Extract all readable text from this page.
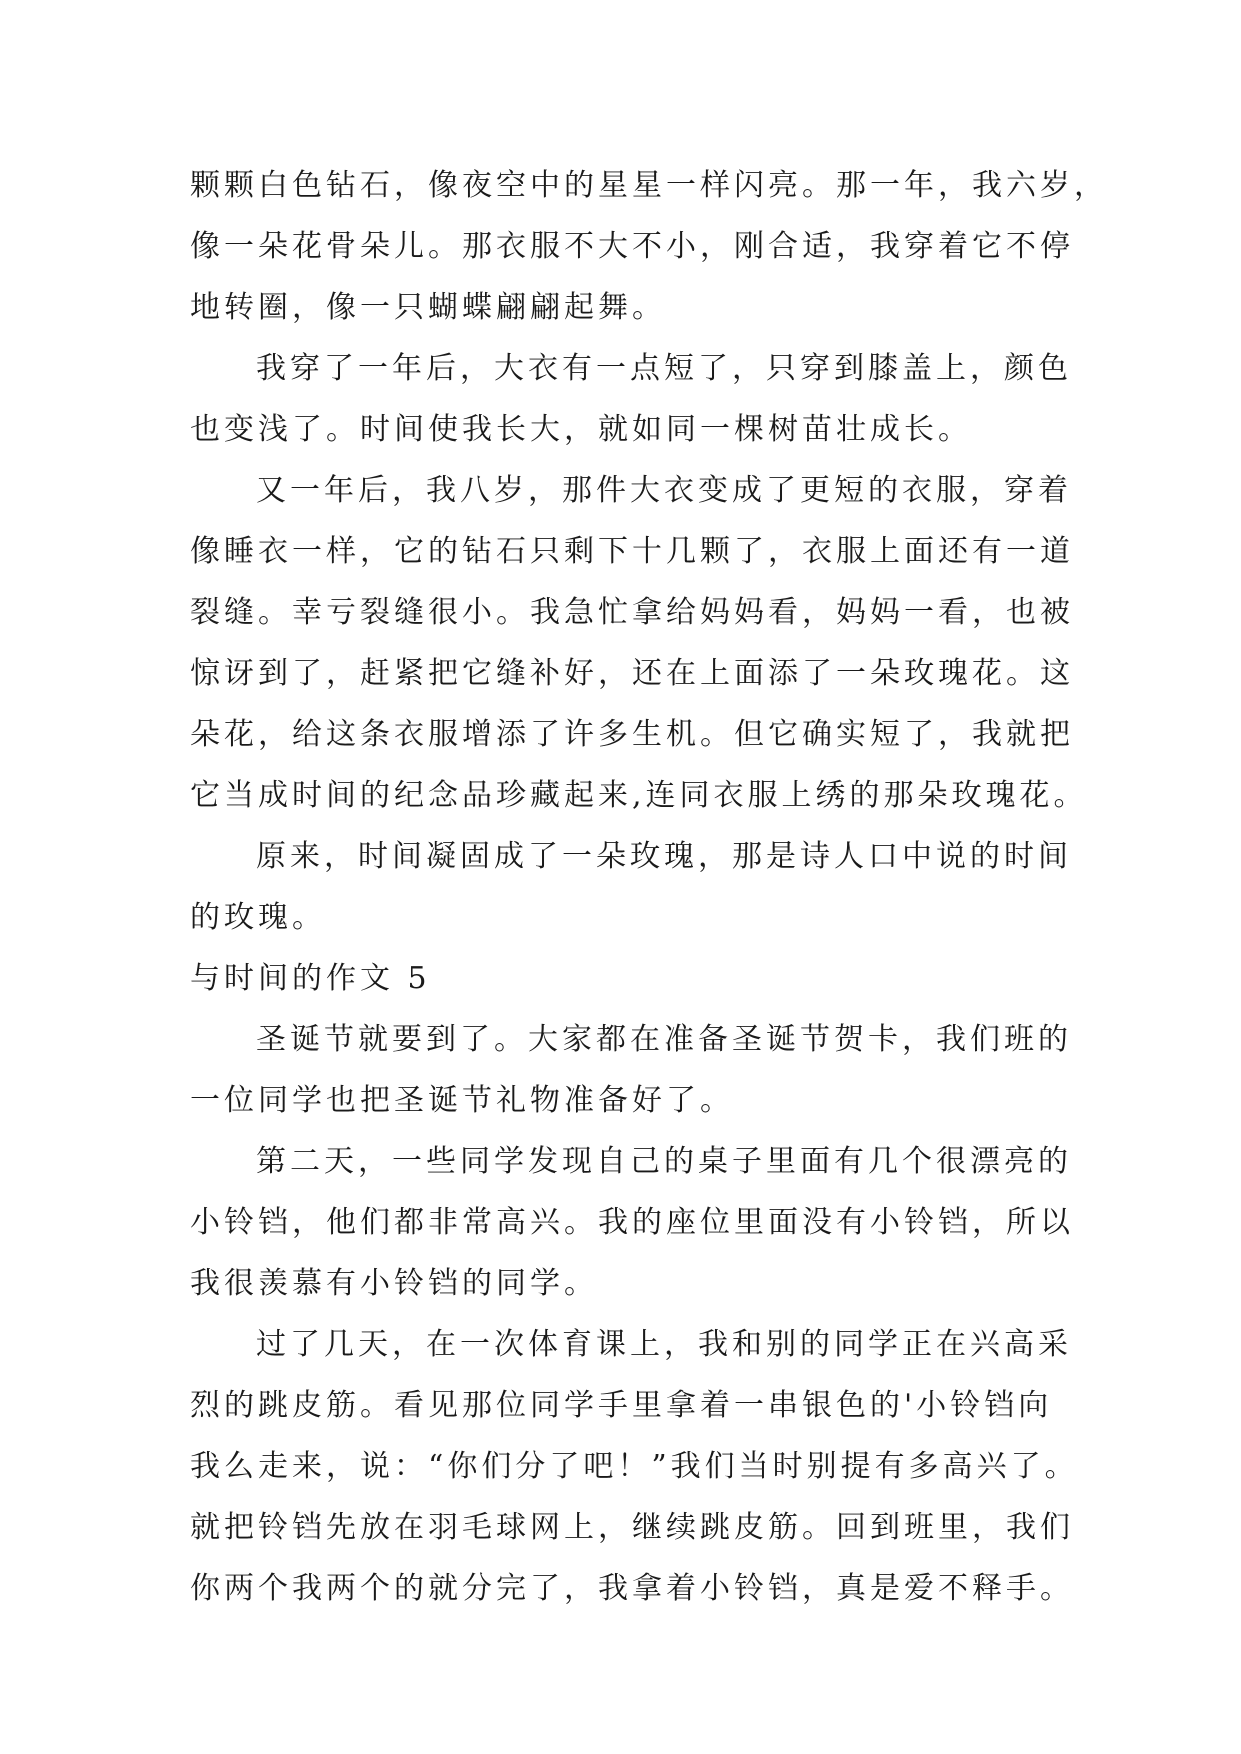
颗颗白色钻石，像夜空中的星星一样闪亮。那一年，我六岁，
像一朵花骨朵儿。那衣服不大不小，刚合适，我穿着它不停
地转圈，像一只蝴蝶翩翩起舞。
我穿了一年后，大衣有一点短了，只穿到膝盖上，颜色
也变浅了。时间使我长大，就如同一棵树苗壮成长。
又一年后，我八岁，那件大衣变成了更短的衣服，穿着
像睡衣一样，它的钻石只剩下十几颗了，衣服上面还有一道
裂缝。幸亏裂缝很小。我急忙拿给妈妈看，妈妈一看，也被
惊讶到了，赶紧把它缝补好，还在上面添了一朵玫瑰花。这
朵花，给这条衣服增添了许多生机。但它确实短了，我就把
它当成时间的纪念品珍藏起来,连同衣服上绣的那朵玫瑰花。
原来，时间凝固成了一朵玫瑰，那是诗人口中说的时间
的玫瑰。
与时间的作文 5
圣诞节就要到了。大家都在准备圣诞节贺卡，我们班的
一位同学也把圣诞节礼物准备好了。
第二天，一些同学发现自己的桌子里面有几个很漂亮的
小铃铛，他们都非常高兴。我的座位里面没有小铃铛，所以
我很羡慕有小铃铛的同学。
过了几天，在一次体育课上，我和别的同学正在兴高采
烈的跳皮筋。看见那位同学手里拿着一串银色的'小铃铛向
我么走来，说：“你们分了吧！”我们当时别提有多高兴了。
就把铃铛先放在羽毛球网上，继续跳皮筋。回到班里，我们
你两个我两个的就分完了，我拿着小铃铛，真是爱不释手。
